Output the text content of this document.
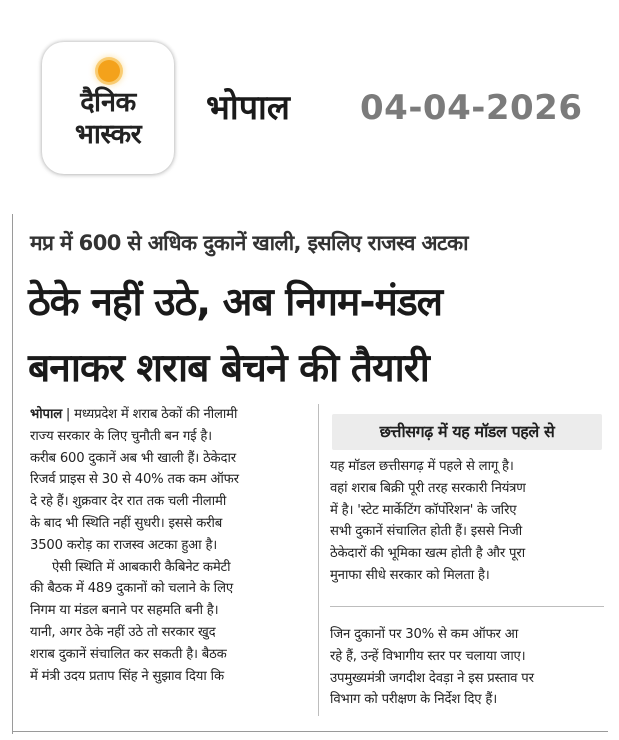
दैनिक
भास्कर
भोपाल 04-04-2026
मप्र में 600 से अधिक दुकानें खाली, इसलिए राजस्व अटका
ठेके नहीं उठे, अब निगम-मंडल
बनाकर शराब बेचने की तैयारी
भोपाल | मध्यप्रदेश में शराब ठेकों की नीलामी
राज्य सरकार के लिए चुनौती बन गई है।
करीब 600 दुकानें अब भी खाली हैं। ठेकेदार
रिजर्व प्राइस से 30 से 40% तक कम ऑफर
दे रहे हैं। शुक्रवार देर रात तक चली नीलामी
के बाद भी स्थिति नहीं सुधरी। इससे करीब
3500 करोड़ का राजस्व अटका हुआ है।
ऐसी स्थिति में आबकारी कैबिनेट कमेटी
की बैठक में 489 दुकानों को चलाने के लिए
निगम या मंडल बनाने पर सहमति बनी है।
यानी, अगर ठेके नहीं उठे तो सरकार खुद
शराब दुकानें संचालित कर सकती है। बैठक
में मंत्री उदय प्रताप सिंह ने सुझाव दिया कि
छत्तीसगढ़ में यह मॉडल पहले से
यह मॉडल छत्तीसगढ़ में पहले से लागू है।
वहां शराब बिक्री पूरी तरह सरकारी नियंत्रण
में है। 'स्टेट मार्केटिंग कॉर्पोरेशन' के जरिए
सभी दुकानें संचालित होती हैं। इससे निजी
ठेकेदारों की भूमिका खत्म होती है और पूरा
मुनाफा सीधे सरकार को मिलता है।
जिन दुकानों पर 30% से कम ऑफर आ
रहे हैं, उन्हें विभागीय स्तर पर चलाया जाए।
उपमुख्यमंत्री जगदीश देवड़ा ने इस प्रस्ताव पर
विभाग को परीक्षण के निर्देश दिए हैं।
